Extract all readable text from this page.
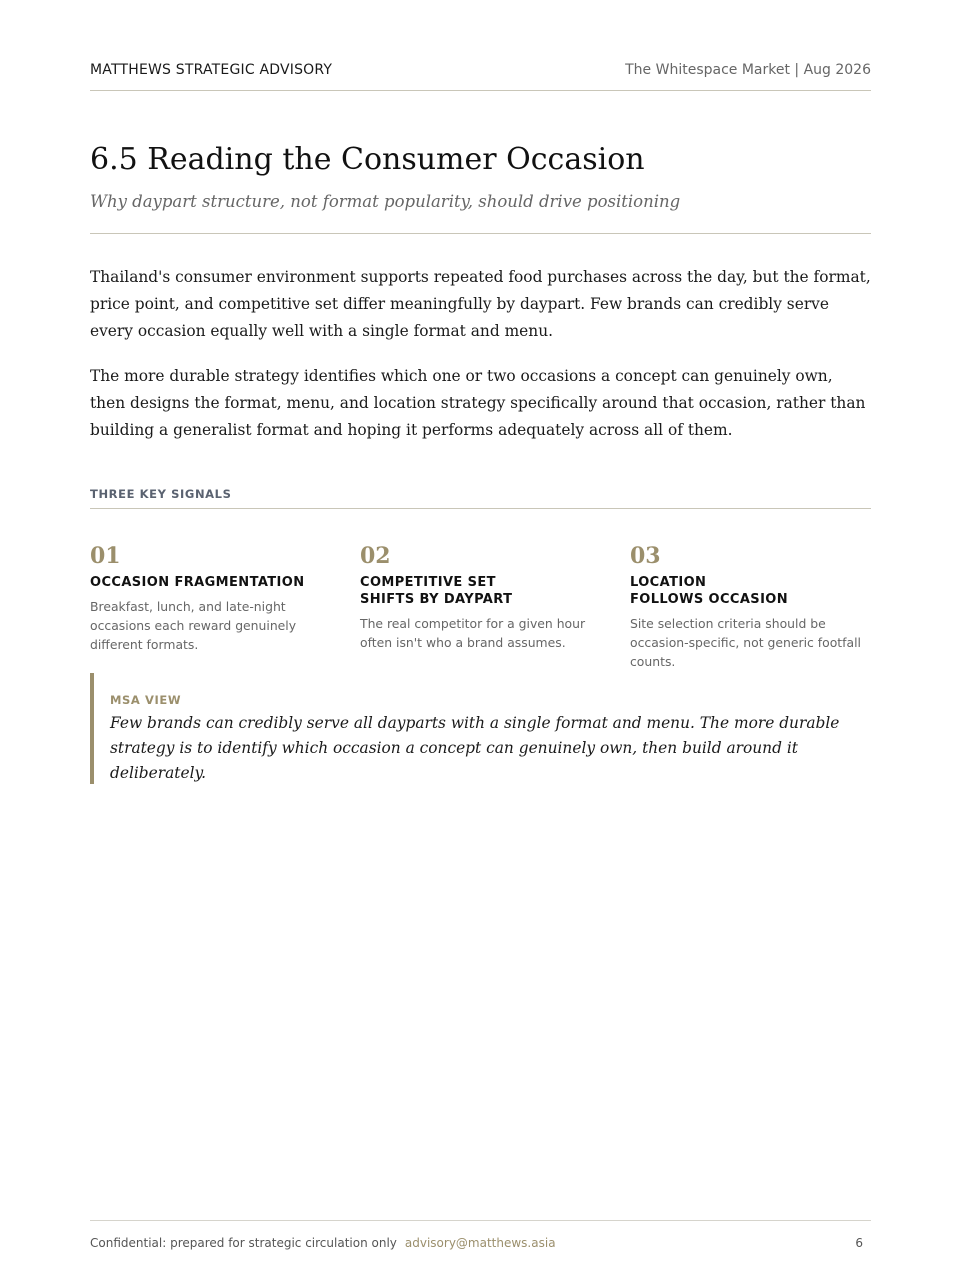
MATTHEWS STRATEGIC ADVISORY	The Whitespace Market | Aug 2026
6.5 Reading the Consumer Occasion

Why daypart structure, not format popularity, should drive positioning

Thailand's consumer environment supports repeated food purchases across the day, but the format, price point, and competitive set differ meaningfully by daypart. Few brands can credibly serve every occasion equally well with a single format and menu.

The more durable strategy identifies which one or two occasions a concept can genuinely own, then designs the format, menu, and location strategy specifically around that occasion, rather than building a generalist format and hoping it performs adequately across all of them.

THREE KEY SIGNALS
01
OCCASION FRAGMENTATION
Breakfast, lunch, and late-night occasions each reward genuinely different formats.
02
COMPETITIVE SET
SHIFTS BY DAYPART
The real competitor for a given hour often isn't who a brand assumes.
03
LOCATION
FOLLOWS OCCASION
Site selection criteria should be occasion-specific, not generic footfall counts.
MSA VIEW
Few brands can credibly serve all dayparts with a single format and menu. The more durable strategy is to identify which occasion a concept can genuinely own, then build around it deliberately.
Confidential: prepared for strategic circulation only advisory@matthews.asia	6
